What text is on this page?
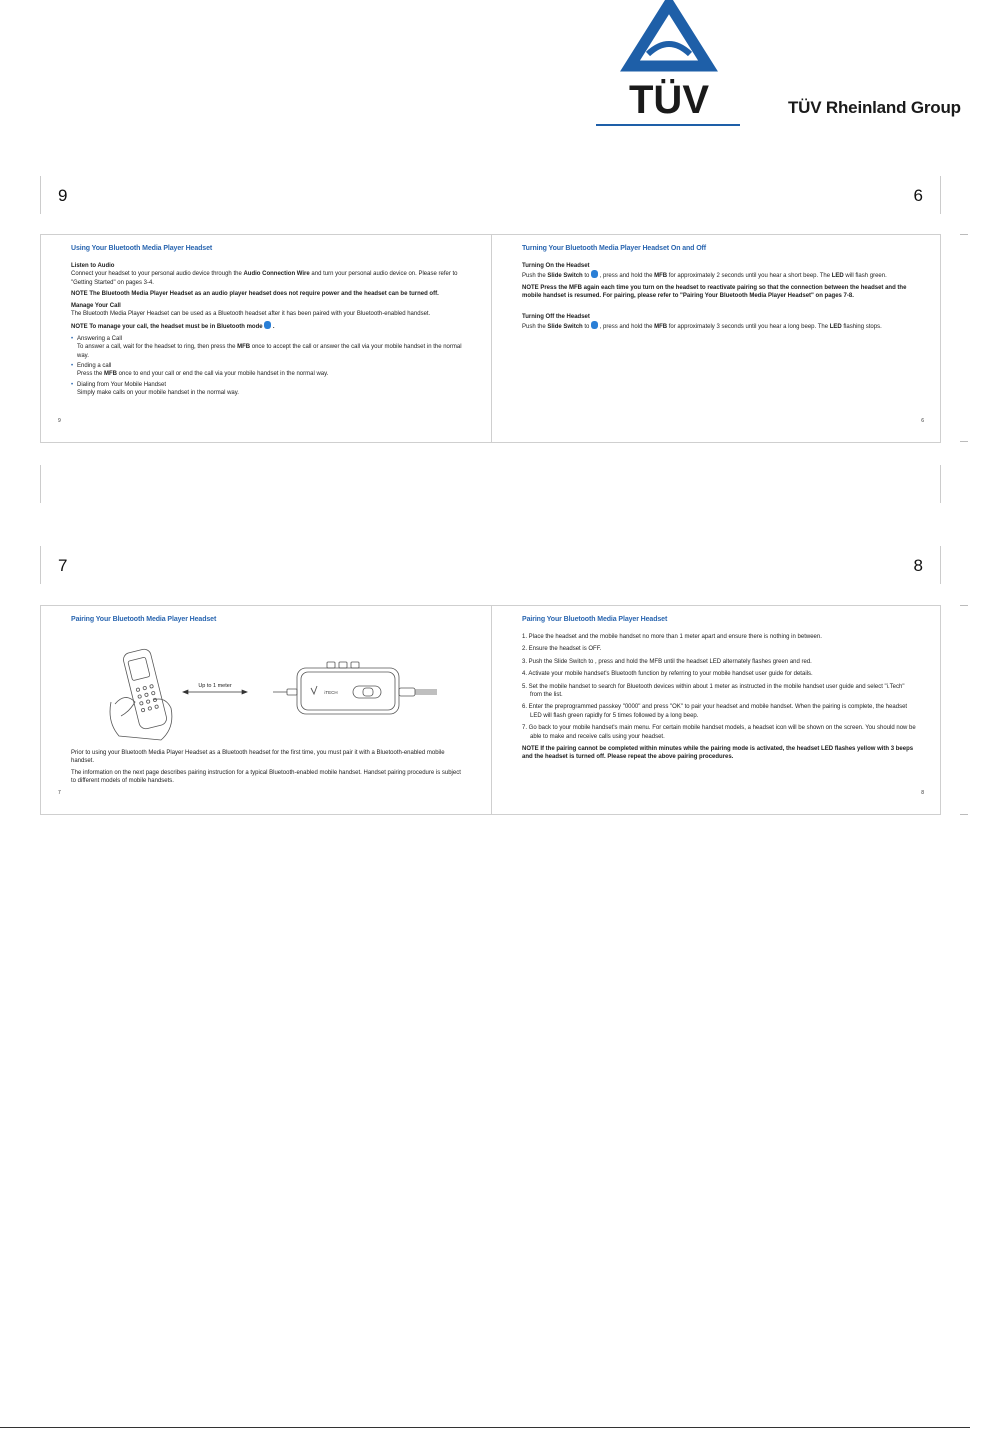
TÜV	TÜV Rheinland Group
9	6
Using Your Bluetooth Media Player Headset

Listen to Audio

Connect your headset to your personal audio device through the Audio Connection Wire and turn your personal audio device on. Please refer to "Getting Started" on pages 3-4.

NOTE The Bluetooth Media Player Headset as an audio player headset does not require power and the headset can be turned off.

Manage Your Call

The Bluetooth Media Player Headset can be used as a Bluetooth headset after it has been paired with your Bluetooth-enabled handset.

NOTE To manage your call, the headset must be in Bluetooth mode  .

• Answering a Call
To answer a call, wait for the headset to ring, then press the MFB once to accept the call or answer the call via your mobile handset in the normal way.
• Ending a call
Press the MFB once to end your call or end the call via your mobile handset in the normal way.
• Dialing from Your Mobile Handset
Simply make calls on your mobile handset in the normal way.
9
Turning Your Bluetooth Media Player Headset On and Off

Turning On the Headset

Push the Slide Switch to  , press and hold the MFB for approximately 2 seconds until you hear a short beep. The LED will flash green.

NOTE Press the MFB again each time you turn on the headset to reactivate pairing so that the connection between the headset and the mobile handset is resumed. For pairing, please refer to "Pairing Your Bluetooth Media Player Headset" on pages 7-8.

Turning Off the Headset

Push the Slide Switch to  , press and hold the MFB for approximately 3 seconds until you hear a long beep. The LED flashing stops.

6
7	8
Pairing Your Bluetooth Media Player Headset
Up to 1 meter
iTECH

Prior to using your Bluetooth Media Player Headset as a Bluetooth headset for the first time, you must pair it with a Bluetooth-enabled mobile handset.

The information on the next page describes pairing instruction for a typical Bluetooth-enabled mobile handset. Handset pairing procedure is subject to different models of mobile handsets.

7
Pairing Your Bluetooth Media Player Headset
1. Place the headset and the mobile handset no more than 1 meter apart and ensure there is nothing in between.
2. Ensure the headset is OFF.
3. Push the Slide Switch to , press and hold the MFB until the headset LED alternately flashes green and red.
4. Activate your mobile handset's Bluetooth function by referring to your mobile handset user guide for details.
5. Set the mobile handset to search for Bluetooth devices within about 1 meter as instructed in the mobile handset user guide and select "i.Tech" from the list.
6. Enter the preprogrammed passkey "0000" and press "OK" to pair your headset and mobile handset. When the pairing is complete, the headset LED will flash green rapidly for 5 times followed by a long beep.
7. Go back to your mobile handset's main menu. For certain mobile handset models, a headset icon will be shown on the screen. You should now be able to make and receive calls using your headset.

NOTE If the pairing cannot be completed within minutes while the pairing mode is activated, the headset LED flashes yellow with 3 beeps and the headset is turned off. Please repeat the above pairing procedures.

8
